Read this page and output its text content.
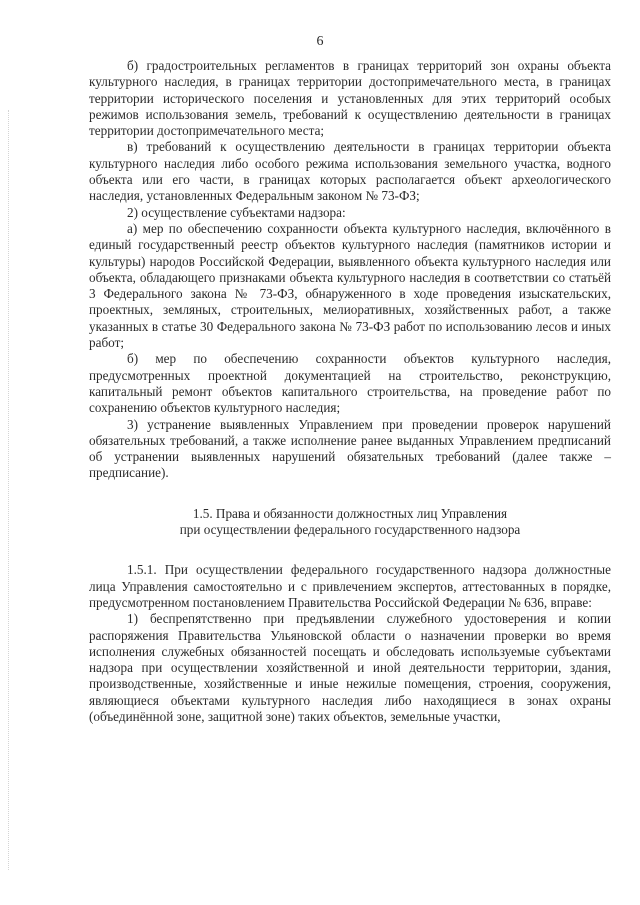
6

б) градостроительных регламентов в границах территорий зон охраны объекта культурного наследия, в границах территории достопримечательного места, в границах территории исторического поселения и установленных для этих территорий особых режимов использования земель, требований к осуществлению деятельности в границах территории достопримечательного места;

в) требований к осуществлению деятельности в границах территории объекта культурного наследия либо особого режима использования земельного участка, водного объекта или его части, в границах которых располагается объект археологического наследия, установленных Федеральным законом № 73-ФЗ;

2) осуществление субъектами надзора:

а) мер по обеспечению сохранности объекта культурного наследия, включённого в единый государственный реестр объектов культурного наследия (памятников истории и культуры) народов Российской Федерации, выявленного объекта культурного наследия или объекта, обладающего признаками объекта культурного наследия в соответствии со статьёй 3 Федерального закона № 73-ФЗ, обнаруженного в ходе проведения изыскательских, проектных, земляных, строительных, мелиоративных, хозяйственных работ, а также указанных в статье 30 Федерального закона № 73-ФЗ работ по использованию лесов и иных работ;

б) мер по обеспечению сохранности объектов культурного наследия, предусмотренных проектной документацией на строительство, реконструкцию, капитальный ремонт объектов капитального строительства, на проведение работ по сохранению объектов культурного наследия;

3) устранение выявленных Управлением при проведении проверок нарушений обязательных требований, а также исполнение ранее выданных Управлением предписаний об устранении выявленных нарушений обязательных требований (далее также – предписание).

1.5. Права и обязанности должностных лиц Управления

при осуществлении федерального государственного надзора

1.5.1. При осуществлении федерального государственного надзора должностные лица Управления самостоятельно и с привлечением экспертов, аттестованных в порядке, предусмотренном постановлением Правительства Российской Федерации № 636, вправе:

1) беспрепятственно при предъявлении служебного удостоверения и копии распоряжения Правительства Ульяновской области о назначении проверки во время исполнения служебных обязанностей посещать и обследовать используемые субъектами надзора при осуществлении хозяйственной и иной деятельности территории, здания, производственные, хозяйственные и иные нежилые помещения, строения, сооружения, являющиеся объектами культурного наследия либо находящиеся в зонах охраны (объединённой зоне, защитной зоне) таких объектов, земельные участки,
